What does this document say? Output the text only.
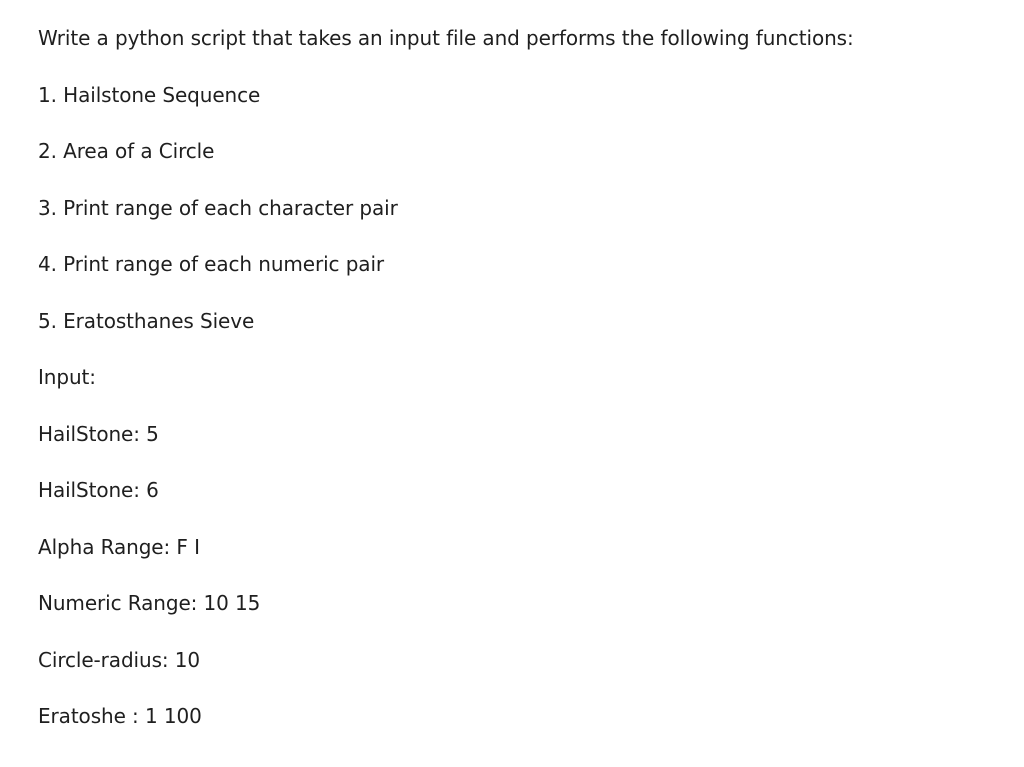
Write a python script that takes an input file and performs the following functions:

1. Hailstone Sequence

2. Area of a Circle

3. Print range of each character pair

4. Print range of each numeric pair

5. Eratosthanes Sieve

Input:

HailStone: 5

HailStone: 6

Alpha Range: F I

Numeric Range: 10 15

Circle-radius: 10

Eratoshe : 1 100
